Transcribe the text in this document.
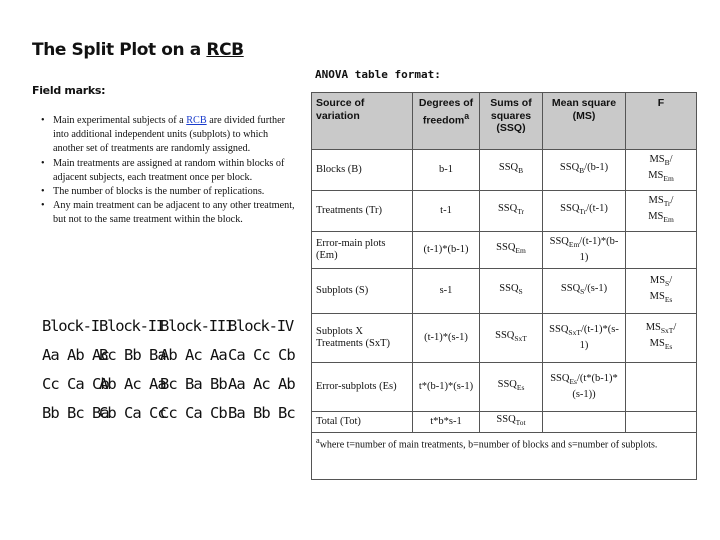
The Split Plot on a RCB
ANOVA table format:
Field marks:
• Main experimental subjects of a RCB are divided further into additional independent units (subplots) to which another set of treatments are randomly assigned.
• Main treatments are assigned at random within blocks of adjacent subjects, each treatment once per block.
• The number of blocks is the number of replications.
• Any main treatment can be adjacent to any other treatment, but not to the same treatment within the block.
Block-I
Aa Ab Ac
Cc Ca Cb
Bb Bc Ba
Block-II
Bc Bb Ba
Ab Ac Aa
Cb Ca Cc
Block-III
Ab Ac Aa
Bc Ba Bb
Cc Ca Cb
Block-IV
Ca Cc Cb
Aa Ac Ab
Ba Bb Bc
Source of variation	Degrees of freedom$^a$	Sums of squares (SSQ)	Mean square (MS)	F
Blocks (B)	b-1	$SSQ_B$	$SSQ_B/(b-1)$	$MS_B/$
$MS_{Em}$
Treatments (Tr)	t-1	$SSQ_{Tr}$	$SSQ_{Tr}/(t-1)$	$MS_{Tr}/$
$MS_{Em}$
Error-main plots (Em)	(t-1)*(b-1)	$SSQ_{Em}$	$SSQ_{Em}/(t-1)*(b-1)$	
Subplots (S)	s-1	$SSQ_S$	$SSQ_S/(s-1)$	$MS_S/$
$MS_{Es}$
Subplots X Treatments (SxT)	(t-1)*(s-1)	$SSQ_{SxT}$	$SSQ_{SxT}/(t-1)*(s-1)$	$MS_{SxT}/$
$MS_{Es}$
Error-subplots (Es)	t*(b-1)*(s-1)	$SSQ_{Es}$	$SSQ_{Es}/(t*(b-1)*(s-1))$	
Total (Tot)	t*b*s-1	$SSQ_{Tot}$		
$^a$where t=number of main treatments, b=number of blocks and s=number of subplots.				
